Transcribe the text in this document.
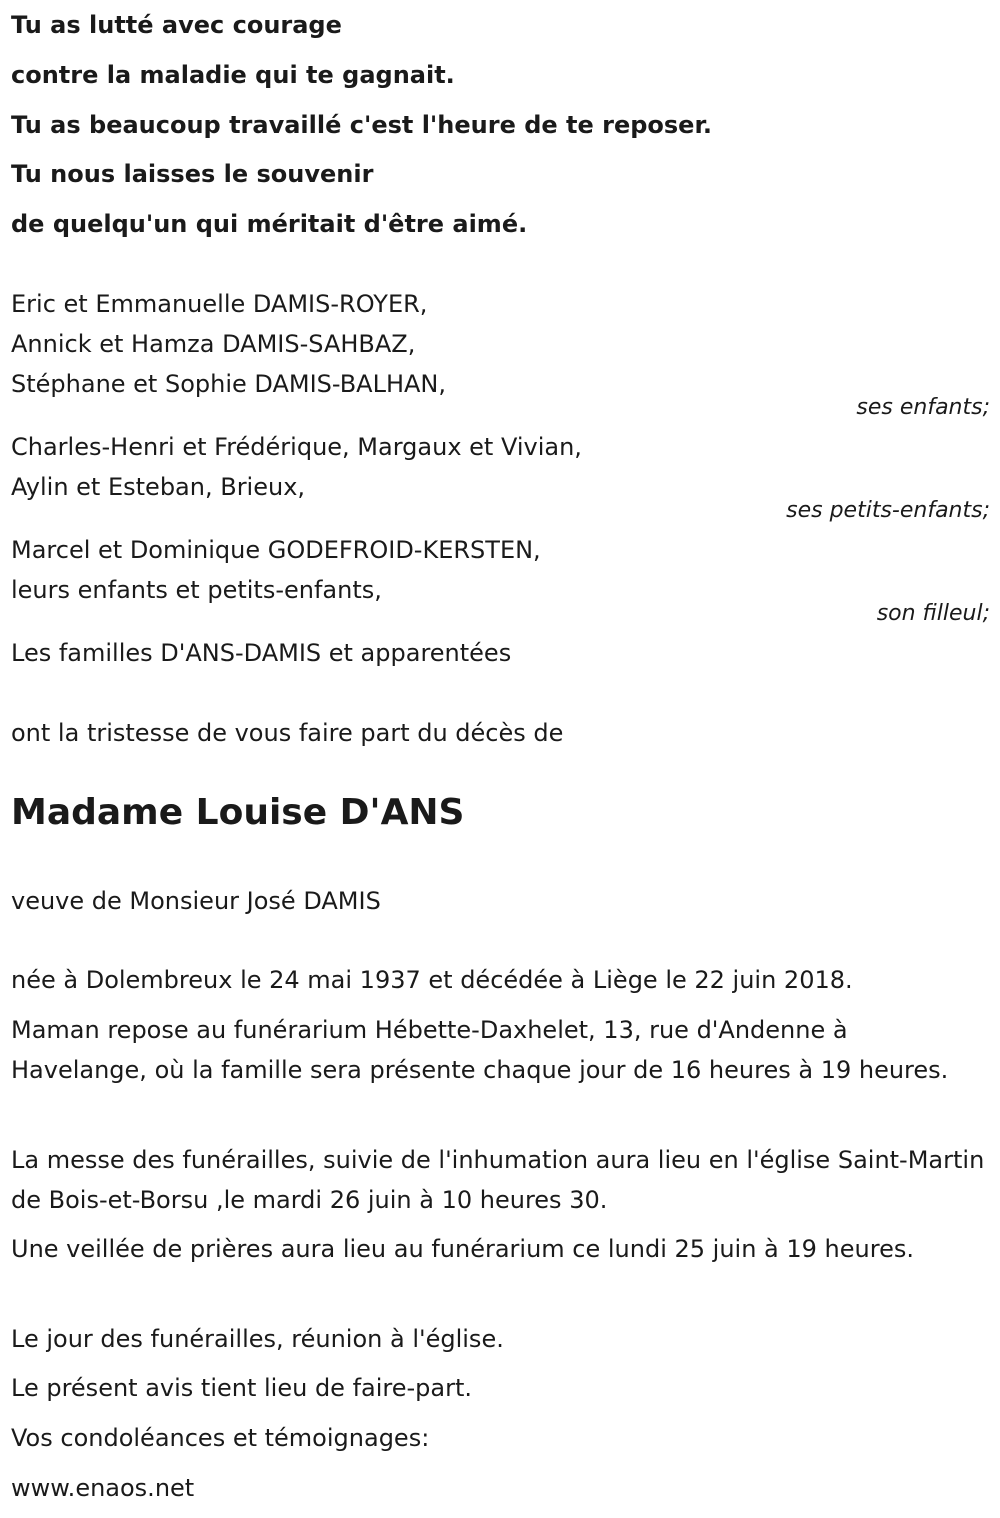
Tu as lutté avec courage
contre la maladie qui te gagnait.
Tu as beaucoup travaillé c'est l'heure de te reposer.
Tu nous laisses le souvenir
de quelqu'un qui méritait d'être aimé.
Eric et Emmanuelle DAMIS-ROYER,
Annick et Hamza DAMIS-SAHBAZ,
Stéphane et Sophie DAMIS-BALHAN,
ses enfants;
Charles-Henri et Frédérique, Margaux et Vivian,
Aylin et Esteban, Brieux,
ses petits-enfants;
Marcel et Dominique GODEFROID-KERSTEN,
leurs enfants et petits-enfants,
son filleul;
Les familles D'ANS-DAMIS et apparentées
ont la tristesse de vous faire part du décès de
Madame Louise D'ANS
veuve de Monsieur José DAMIS
née à Dolembreux le 24 mai 1937 et décédée à Liège le 22 juin 2018.
Maman repose au funérarium Hébette-Daxhelet, 13, rue d'Andenne à Havelange, où la famille sera présente chaque jour de 16 heures à 19 heures.
La messe des funérailles, suivie de l'inhumation aura lieu en l'église Saint-Martin de Bois-et-Borsu ,le mardi 26 juin à 10 heures 30.
Une veillée de prières aura lieu au funérarium ce lundi 25 juin à 19 heures.
Le jour des funérailles, réunion à l'église.
Le présent avis tient lieu de faire-part.
Vos condoléances et témoignages:
www.enaos.net
